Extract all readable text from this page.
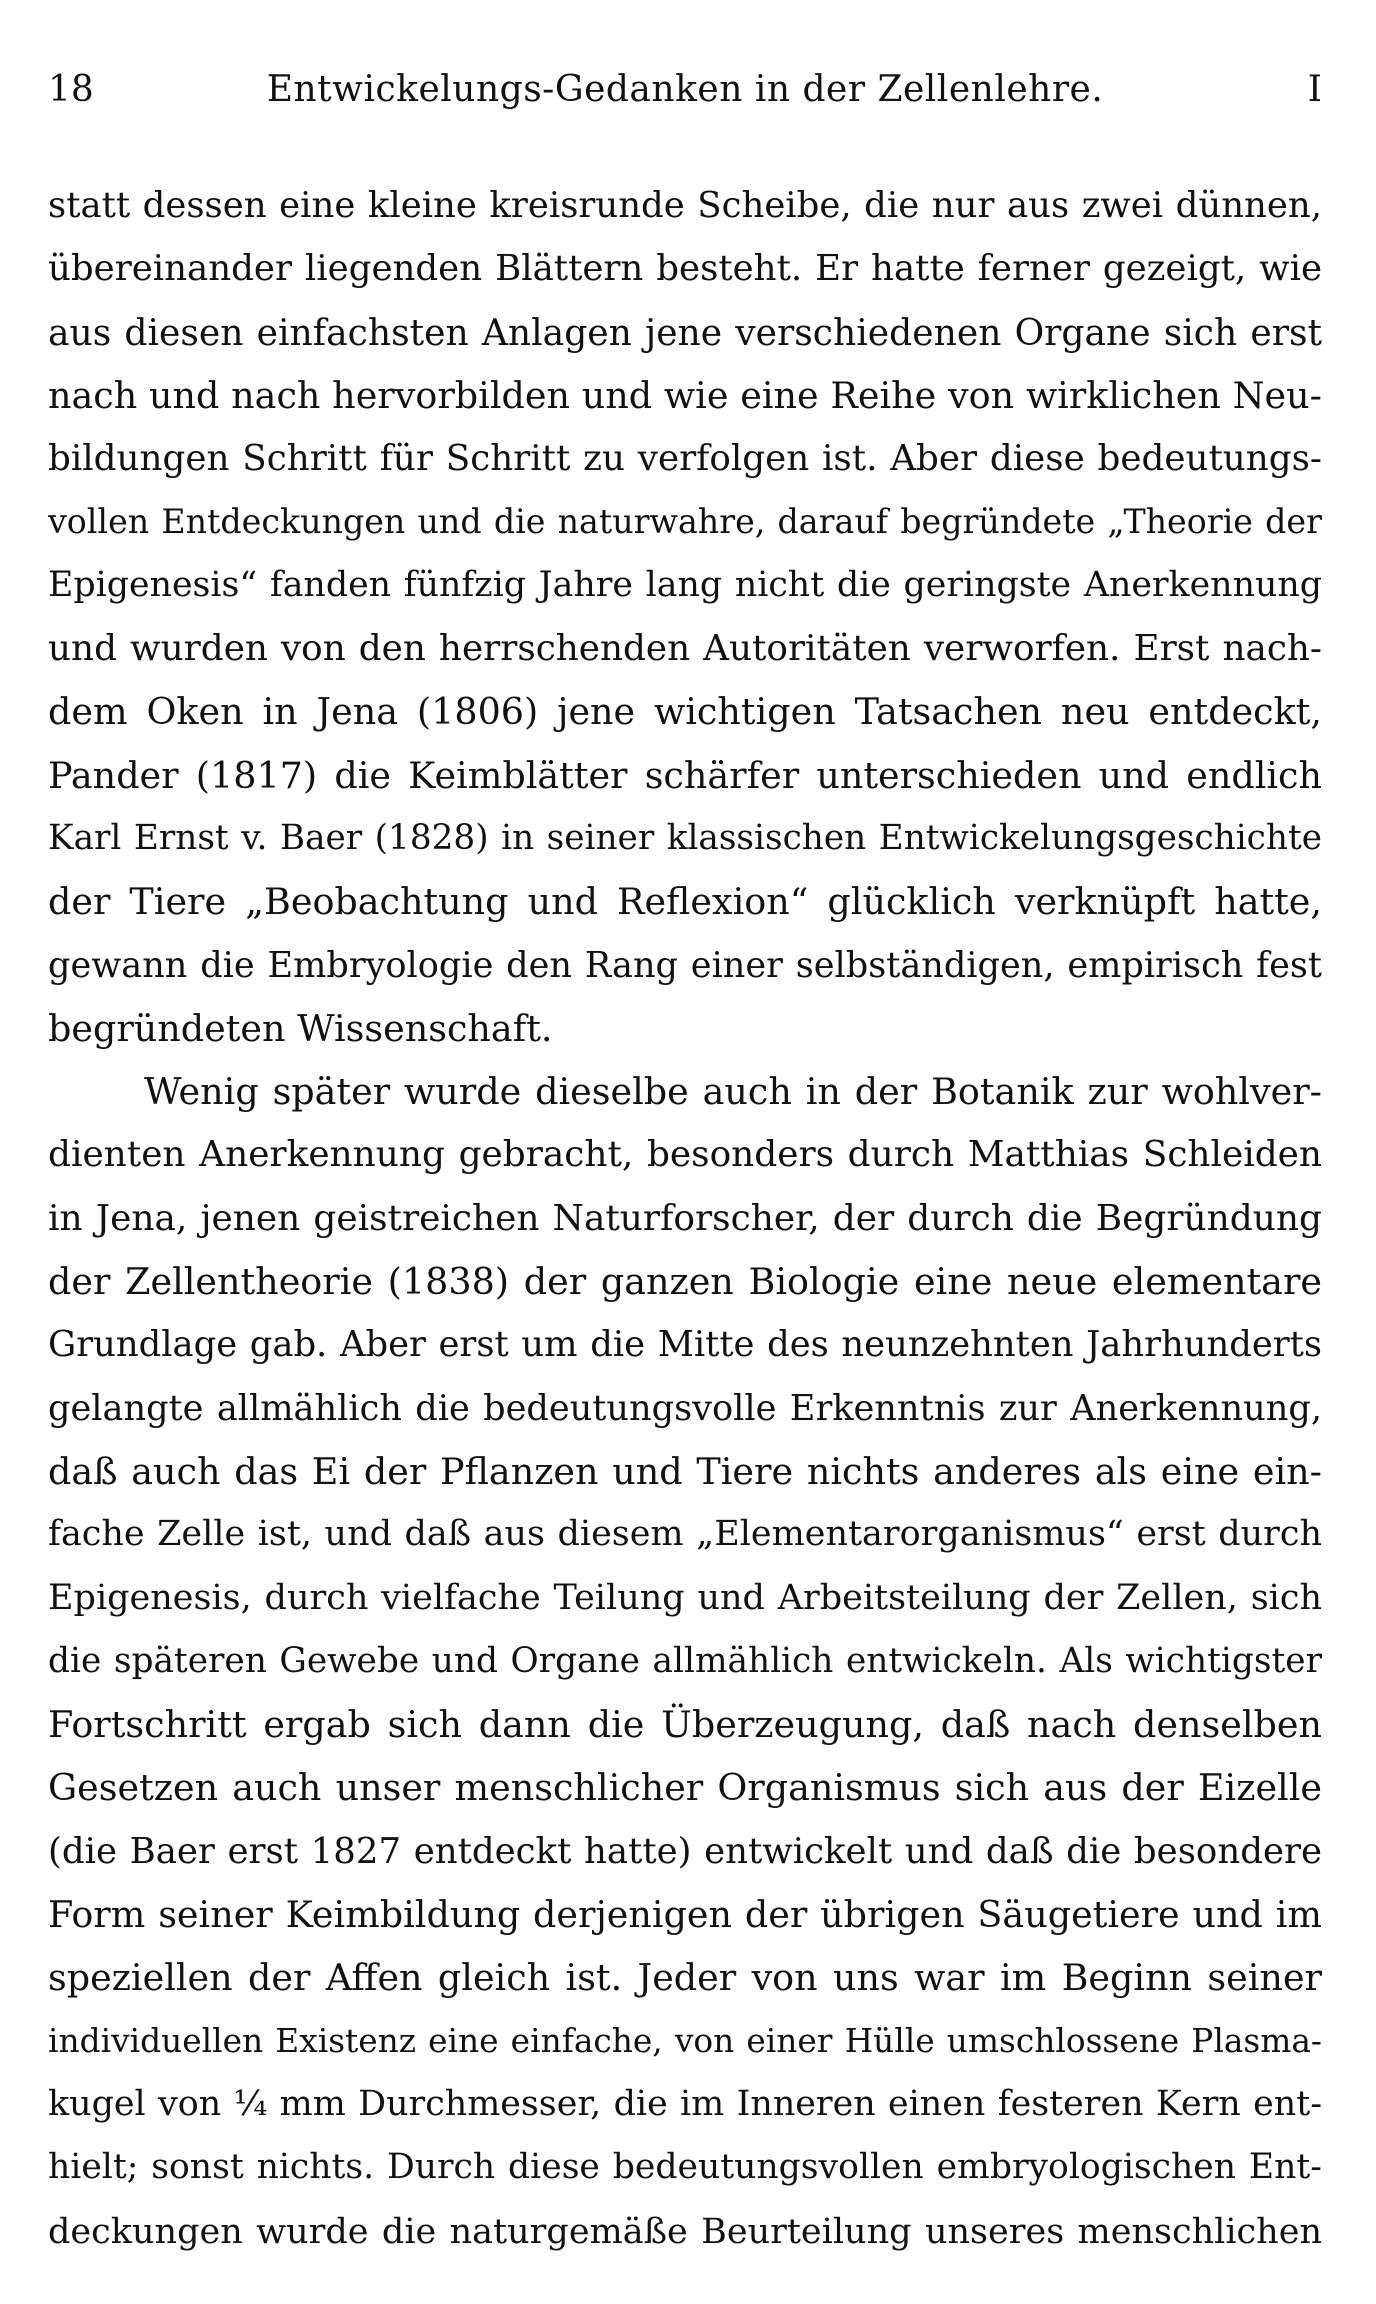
18	Entwickelungs-Gedanken in der Zellenlehre.	I
statt dessen eine kleine kreisrunde Scheibe, die nur aus zwei dünnen,
übereinander liegenden Blättern besteht. Er hatte ferner gezeigt, wie
aus diesen einfachsten Anlagen jene verschiedenen Organe sich erst
nach und nach hervorbilden und wie eine Reihe von wirklichen Neu-
bildungen Schritt für Schritt zu verfolgen ist. Aber diese bedeutungs-
vollen Entdeckungen und die naturwahre, darauf begründete „Theorie der
Epigenesis“ fanden fünfzig Jahre lang nicht die geringste Anerkennung
und wurden von den herrschenden Autoritäten verworfen. Erst nach-
dem Oken in Jena (1806) jene wichtigen Tatsachen neu entdeckt,
Pander (1817) die Keimblätter schärfer unterschieden und endlich
Karl Ernst v. Baer (1828) in seiner klassischen Entwickelungsgeschichte
der Tiere „Beobachtung und Reflexion“ glücklich verknüpft hatte,
gewann die Embryologie den Rang einer selbständigen, empirisch fest
begründeten Wissenschaft.
Wenig später wurde dieselbe auch in der Botanik zur wohlver-
dienten Anerkennung gebracht, besonders durch Matthias Schleiden
in Jena, jenen geistreichen Naturforscher, der durch die Begründung
der Zellentheorie (1838) der ganzen Biologie eine neue elementare
Grundlage gab. Aber erst um die Mitte des neunzehnten Jahrhunderts
gelangte allmählich die bedeutungsvolle Erkenntnis zur Anerkennung,
daß auch das Ei der Pflanzen und Tiere nichts anderes als eine ein-
fache Zelle ist, und daß aus diesem „Elementarorganismus“ erst durch
Epigenesis, durch vielfache Teilung und Arbeitsteilung der Zellen, sich
die späteren Gewebe und Organe allmählich entwickeln. Als wichtigster
Fortschritt ergab sich dann die Überzeugung, daß nach denselben
Gesetzen auch unser menschlicher Organismus sich aus der Eizelle
(die Baer erst 1827 entdeckt hatte) entwickelt und daß die besondere
Form seiner Keimbildung derjenigen der übrigen Säugetiere und im
speziellen der Affen gleich ist. Jeder von uns war im Beginn seiner
individuellen Existenz eine einfache, von einer Hülle umschlossene Plasma-
kugel von ¼ mm Durchmesser, die im Inneren einen festeren Kern ent-
hielt; sonst nichts. Durch diese bedeutungsvollen embryologischen Ent-
deckungen wurde die naturgemäße Beurteilung unseres menschlichen
